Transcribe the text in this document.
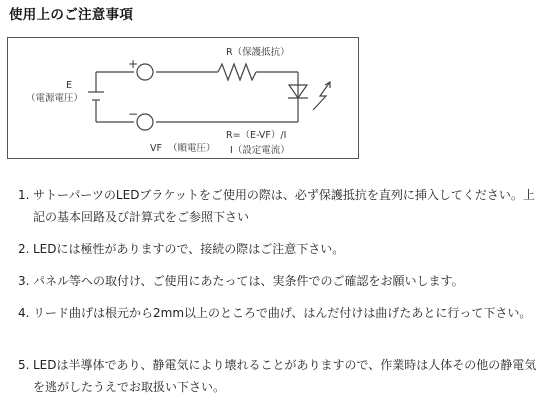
使用上のご注意事項
R（保護抵抗）
E
（電源電圧）
+
−
VF （順電圧）
R=（E-VF）/I
I（設定電流）
1. サトーパーツのLEDブラケットをご使用の際は、必ず保護抵抗を直列に挿入してください。上記の基本回路及び計算式をご参照下さい
2. LEDには極性がありますので、接続の際はご注意下さい。
3. パネル等への取付け、ご使用にあたっては、実条件でのご確認をお願いします。
4. リード曲げは根元から2mm以上のところで曲げ、はんだ付けは曲げたあとに行って下さい。
5. LEDは半導体であり、静電気により壊れることがありますので、作業時は人体その他の静電気を逃がしたうえでお取扱い下さい。
